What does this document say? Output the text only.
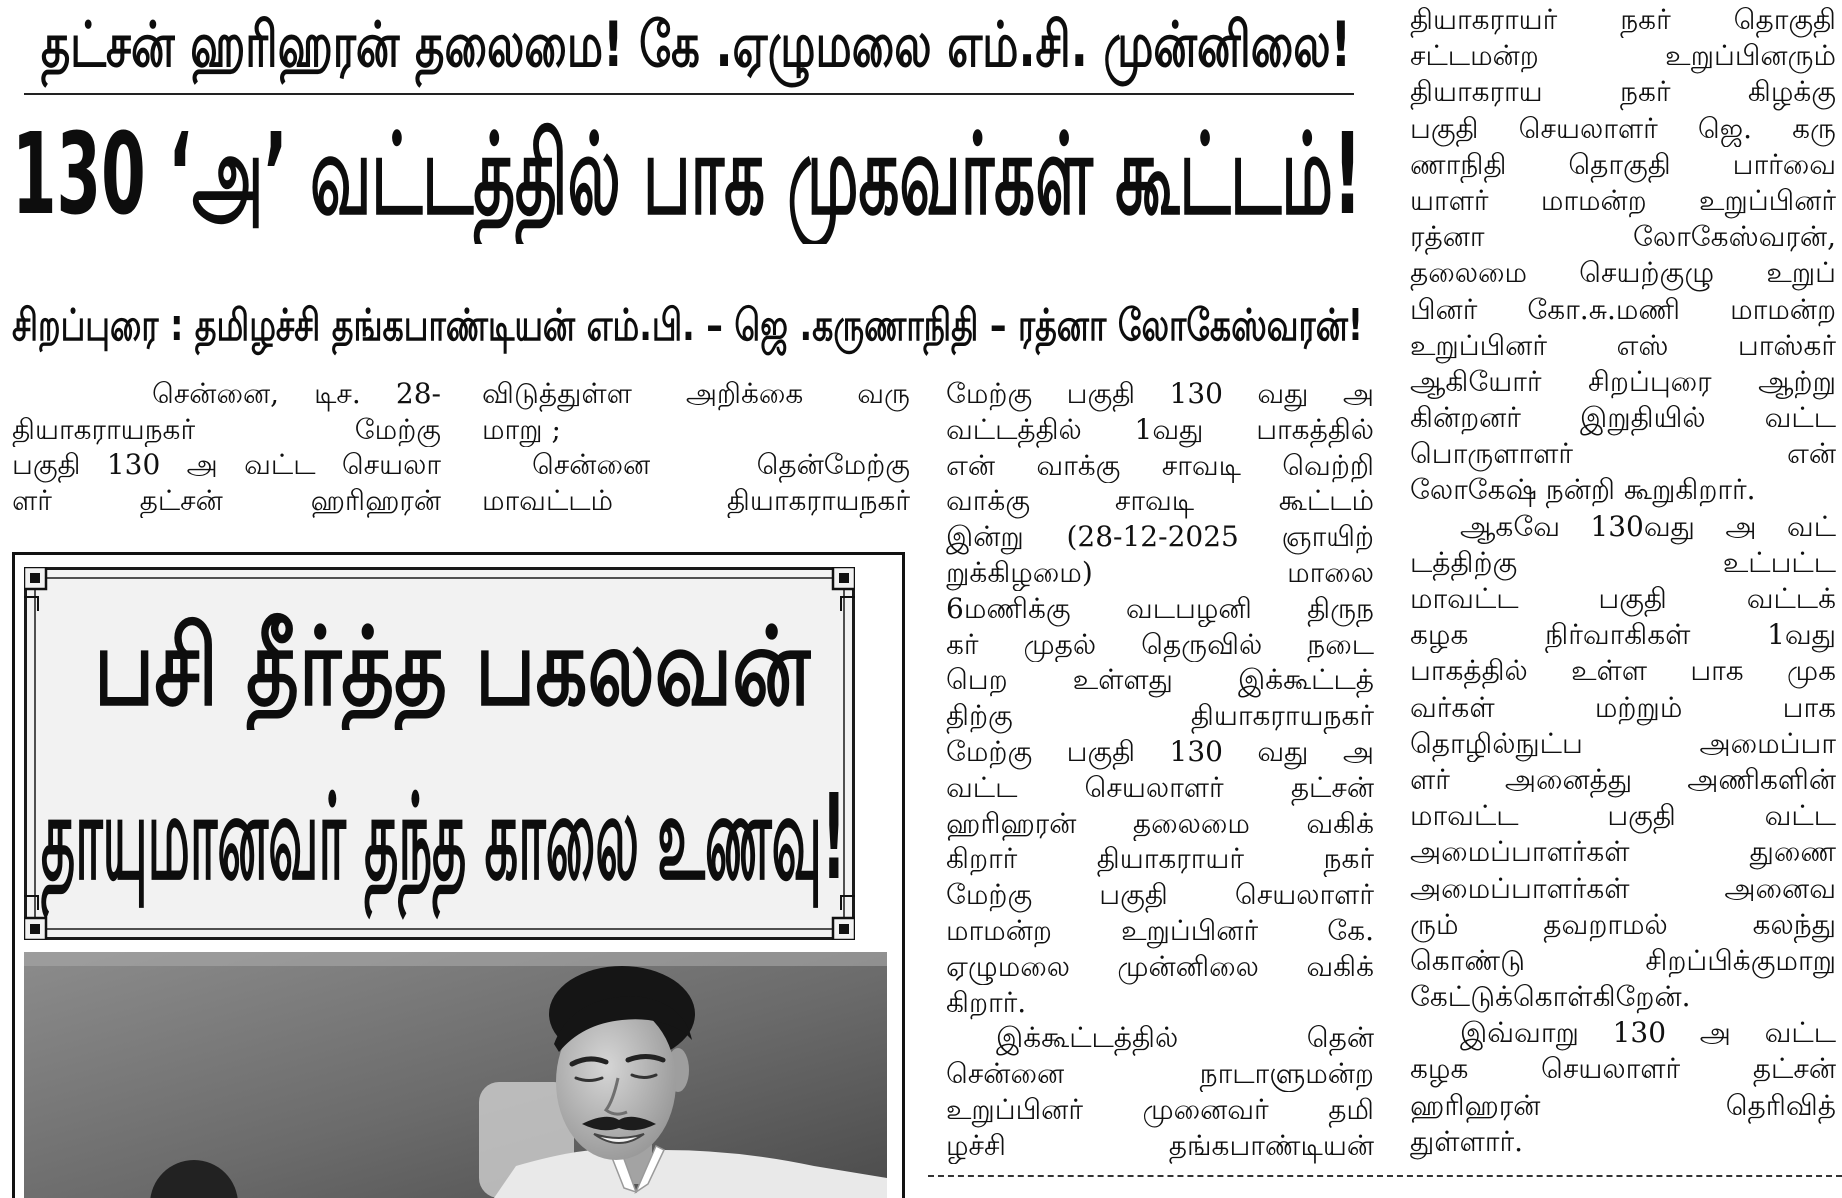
தட்சன் ஹரிஹரன் தலைமை! கே .ஏழுமலை எம்.சி. முன்னிலை!
130 ‘அ’ வட்டத்தில் பாக முகவர்கள் கூட்டம்!
சிறப்புரை : தமிழச்சி தங்கபாண்டியன் எம்.பி. – ஜெ .கருணாநிதி – ரத்னா லோகேஸ்வரன்!
சென்னை, டிச. 28-
தியாகராயநகர் மேற்கு
பகுதி 130 அ வட்ட செயலா
ளர் தட்சன் ஹரிஹரன்
விடுத்துள்ள அறிக்கை வரு
மாறு ;
சென்னை தென்மேற்கு
மாவட்டம் தியாகராயநகர்
மேற்கு பகுதி 130 வது அ
வட்டத்தில் 1வது பாகத்தில்
என் வாக்கு சாவடி வெற்றி
வாக்கு சாவடி கூட்டம்
இன்று (28-12-2025 ஞாயிற்
றுக்கிழமை) மாலை
6மணிக்கு வடபழனி திருந
கர் முதல் தெருவில் நடை
பெற உள்ளது இக்கூட்டத்
திற்கு தியாகராயநகர்
மேற்கு பகுதி 130 வது அ
வட்ட செயலாளர் தட்சன்
ஹரிஹரன் தலைமை வகிக்
கிறார் தியாகராயர் நகர்
மேற்கு பகுதி செயலாளர்
மாமன்ற உறுப்பினர் கே.
ஏழுமலை முன்னிலை வகிக்
கிறார்.
இக்கூட்டத்தில் தென்
சென்னை நாடாளுமன்ற
உறுப்பினர் முனைவர் தமி
ழச்சி தங்கபாண்டியன்
தியாகராயர் நகர் தொகுதி
சட்டமன்ற உறுப்பினரும்
தியாகராய நகர் கிழக்கு
பகுதி செயலாளர் ஜெ. கரு
ணாநிதி தொகுதி பார்வை
யாளர் மாமன்ற உறுப்பினர்
ரத்னா லோகேஸ்வரன்,
தலைமை செயற்குழு உறுப்
பினர் கோ.சு.மணி மாமன்ற
உறுப்பினர் எஸ் பாஸ்கர்
ஆகியோர் சிறப்புரை ஆற்று
கின்றனர் இறுதியில் வட்ட
பொருளாளர் என்
லோகேஷ் நன்றி கூறுகிறார்.
ஆகவே 130வது அ வட்
டத்திற்கு உட்பட்ட
மாவட்ட பகுதி வட்டக்
கழக நிர்வாகிகள் 1வது
பாகத்தில் உள்ள பாக முக
வர்கள் மற்றும் பாக
தொழில்நுட்ப அமைப்பா
ளர் அனைத்து அணிகளின்
மாவட்ட பகுதி வட்ட
அமைப்பாளர்கள் துணை
அமைப்பாளர்கள் அனைவ
ரும் தவறாமல் கலந்து
கொண்டு சிறப்பிக்குமாறு
கேட்டுக்கொள்கிறேன்.
இவ்வாறு 130 அ வட்ட
கழக செயலாளர் தட்சன்
ஹரிஹரன் தெரிவித்
துள்ளார்.
பசி தீர்த்த பகலவன்
தாயுமானவர் தந்த காலை உணவு!
